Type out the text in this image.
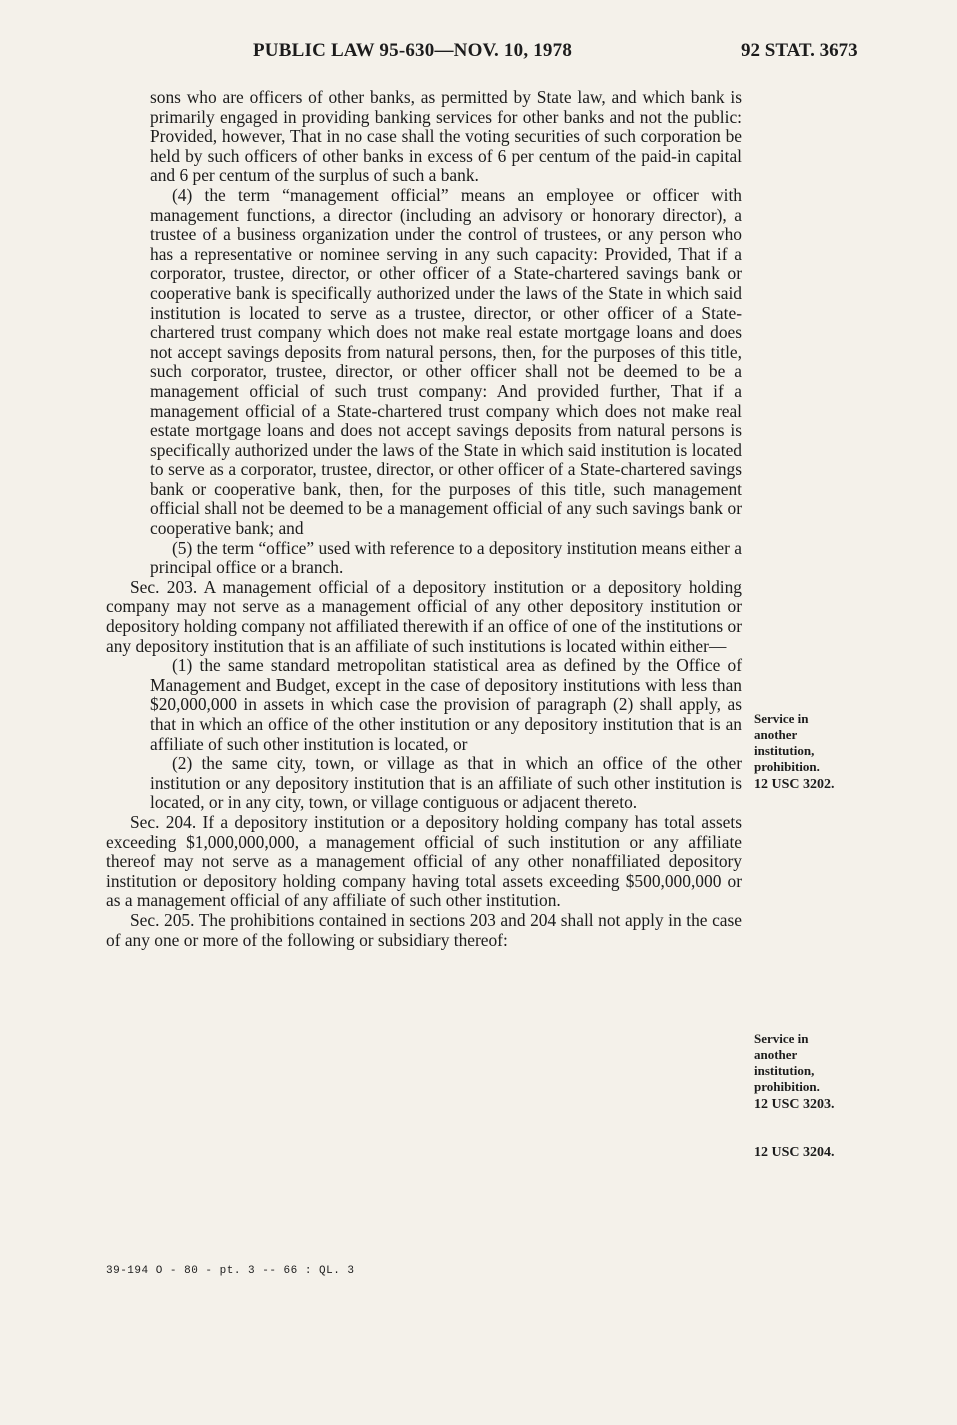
PUBLIC LAW 95-630—NOV. 10, 1978	92 STAT. 3673

sons who are officers of other banks, as permitted by State law, and which bank is primarily engaged in providing banking services for other banks and not the public: Provided, however, That in no case shall the voting securities of such corporation be held by such officers of other banks in excess of 6 per centum of the paid-in capital and 6 per centum of the surplus of such a bank.

(4) the term “management official” means an employee or officer with management functions, a director (including an advisory or honorary director), a trustee of a business organization under the control of trustees, or any person who has a representative or nominee serving in any such capacity: Provided, That if a corporator, trustee, director, or other officer of a State-chartered savings bank or cooperative bank is specifically authorized under the laws of the State in which said institution is located to serve as a trustee, director, or other officer of a State-chartered trust company which does not make real estate mortgage loans and does not accept savings deposits from natural persons, then, for the purposes of this title, such corporator, trustee, director, or other officer shall not be deemed to be a management official of such trust company: And provided further, That if a management official of a State-chartered trust company which does not make real estate mortgage loans and does not accept savings deposits from natural persons is specifically authorized under the laws of the State in which said institution is located to serve as a corporator, trustee, director, or other officer of a State-chartered savings bank or cooperative bank, then, for the purposes of this title, such management official shall not be deemed to be a management official of any such savings bank or cooperative bank; and

(5) the term “office” used with reference to a depository institution means either a principal office or a branch.

Sec. 203. A management official of a depository institution or a depository holding company may not serve as a management official of any other depository institution or depository holding company not affiliated therewith if an office of one of the institutions or any depository institution that is an affiliate of such institutions is located within either—

(1) the same standard metropolitan statistical area as defined by the Office of Management and Budget, except in the case of depository institutions with less than $20,000,000 in assets in which case the provision of paragraph (2) shall apply, as that in which an office of the other institution or any depository institution that is an affiliate of such other institution is located, or

(2) the same city, town, or village as that in which an office of the other institution or any depository institution that is an affiliate of such other institution is located, or in any city, town, or village contiguous or adjacent thereto.

Sec. 204. If a depository institution or a depository holding company has total assets exceeding $1,000,000,000, a management official of such institution or any affiliate thereof may not serve as a management official of any other nonaffiliated depository institution or depository holding company having total assets exceeding $500,000,000 or as a management official of any affiliate of such other institution.

Sec. 205. The prohibitions contained in sections 203 and 204 shall not apply in the case of any one or more of the following or subsidiary thereof:

Service in
another
institution,
prohibition.
12 USC 3202.
Service in
another
institution,
prohibition.
12 USC 3203.
12 USC 3204.
39-194 O - 80 - pt. 3 -- 66 : QL. 3
